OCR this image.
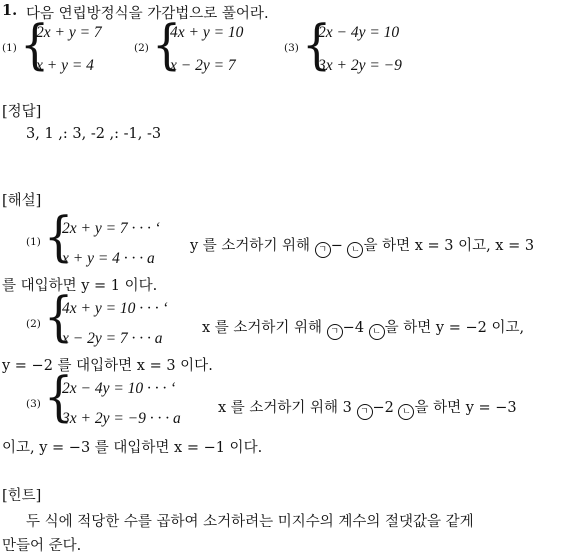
1. 다음 연립방정식을 가감법으로 풀어라.
(1) {
2x + y = 7
x + y = 4
(2) {
4x + y = 10
x − 2y = 7
(3) {
2x − 4y = 10
3x + 2y = −9
[정답]
3, 1 ,: 3, -2 ,: -1, -3
[해설]
(1) {
2x + y = 7 · · · ‘
x + y = 4 · · · a
y 를 소거하기 위해 ㄱ − ㄴ 을 하면 x = 3 이고, x = 3
를 대입하면 y = 1 이다.
(2) {
4x + y = 10 · · · ‘
x − 2y = 7 · · · a
x 를 소거하기 위해 ㄱ −4 ㄴ 을 하면 y = −2 이고,
y = −2 를 대입하면 x = 3 이다.
(3) {
2x − 4y = 10 · · · ‘
3x + 2y = −9 · · · a
x 를 소거하기 위해 3 ㄱ −2 ㄴ 을 하면 y = −3
이고, y = −3 를 대입하면 x = −1 이다.
[힌트]
두 식에 적당한 수를 곱하여 소거하려는 미지수의 계수의 절댓값을 같게
만들어 준다.
